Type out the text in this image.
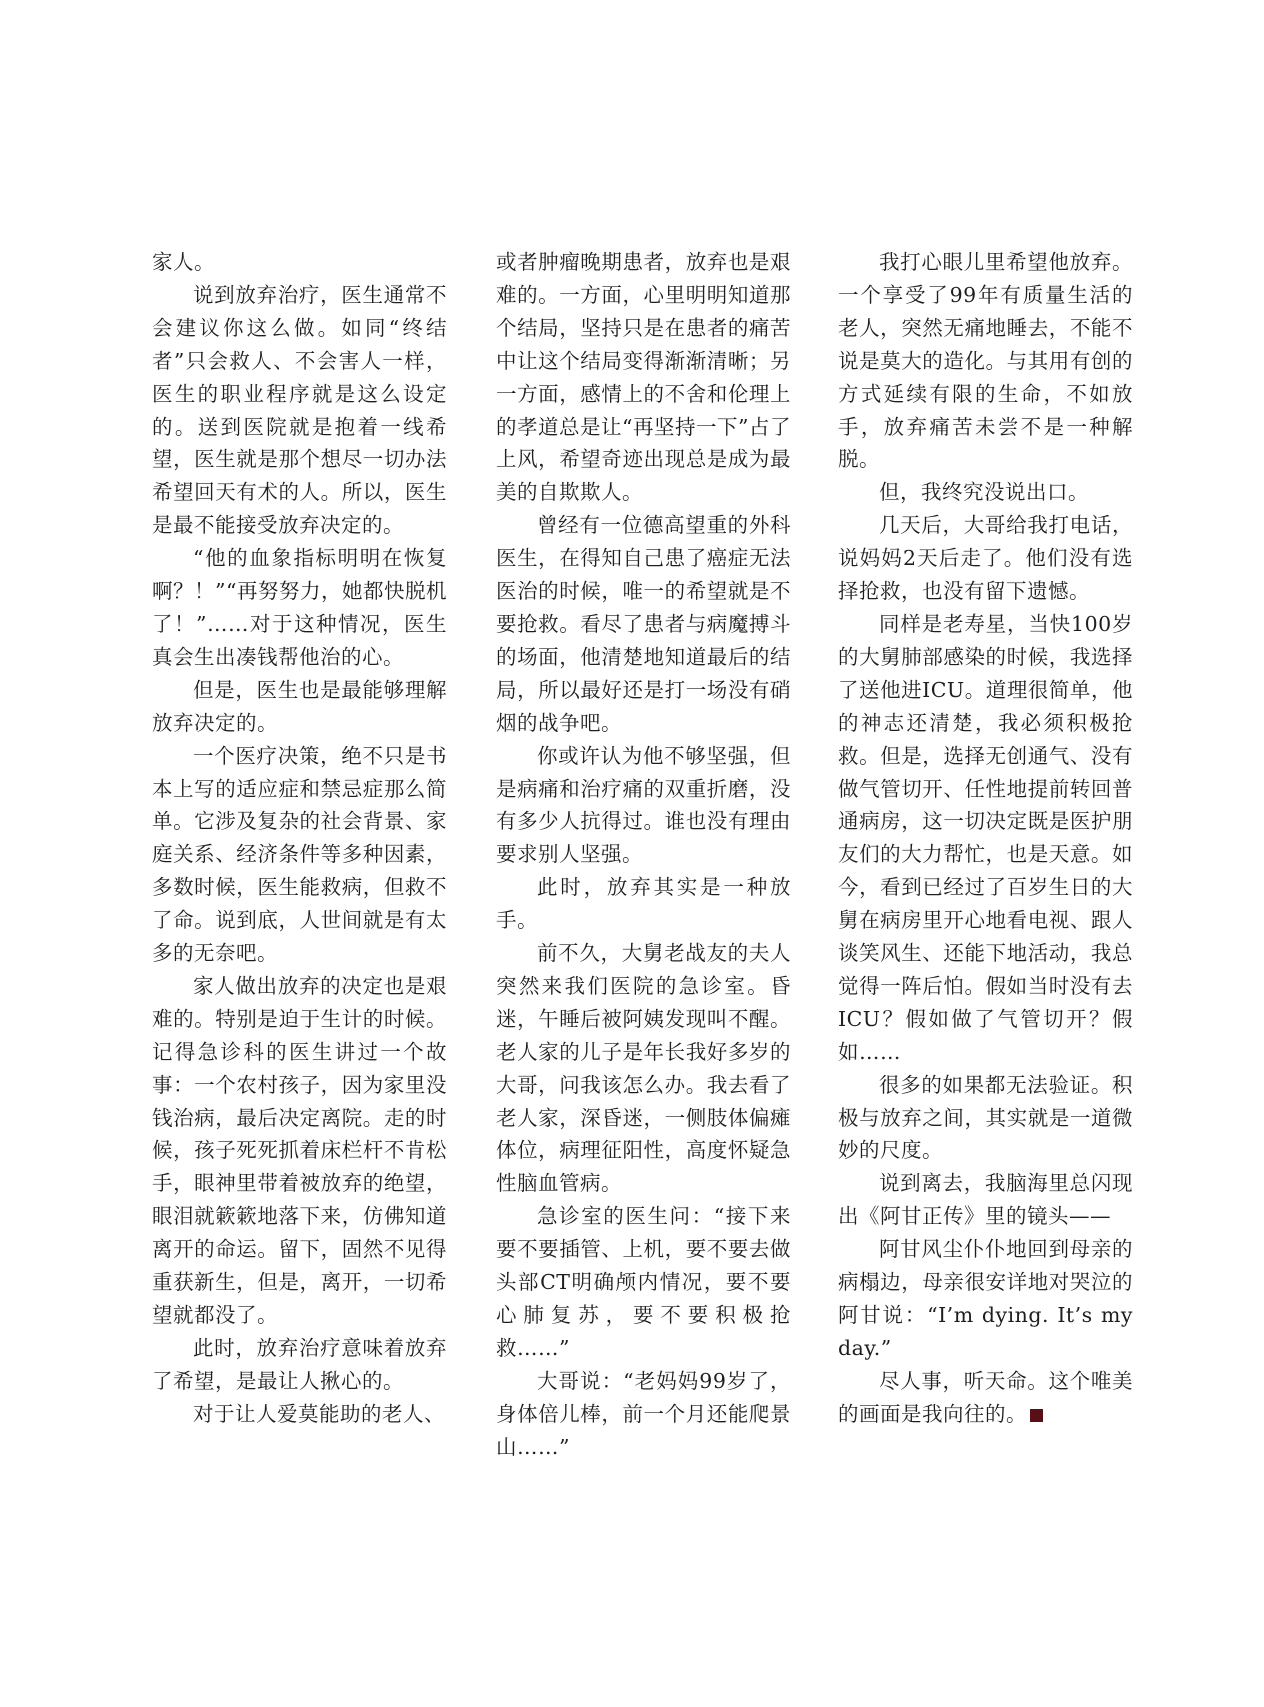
家人。

说到放弃治疗，医生通常不会建议你这么做。如同“终结者”只会救人、不会害人一样，医生的职业程序就是这么设定的。送到医院就是抱着一线希望，医生就是那个想尽一切办法希望回天有术的人。所以，医生是最不能接受放弃决定的。

“他的血象指标明明在恢复啊？！”“再努努力，她都快脱机了！”……对于这种情况，医生真会生出凑钱帮他治的心。

但是，医生也是最能够理解放弃决定的。

一个医疗决策，绝不只是书本上写的适应症和禁忌症那么简单。它涉及复杂的社会背景、家庭关系、经济条件等多种因素，多数时候，医生能救病，但救不了命。说到底，人世间就是有太多的无奈吧。

家人做出放弃的决定也是艰难的。特别是迫于生计的时候。记得急诊科的医生讲过一个故事：一个农村孩子，因为家里没钱治病，最后决定离院。走的时候，孩子死死抓着床栏杆不肯松手，眼神里带着被放弃的绝望，眼泪就簌簌地落下来，仿佛知道离开的命运。留下，固然不见得重获新生，但是，离开，一切希望就都没了。

此时，放弃治疗意味着放弃了希望，是最让人揪心的。

对于让人爱莫能助的老人、

或者肿瘤晚期患者，放弃也是艰难的。一方面，心里明明知道那个结局，坚持只是在患者的痛苦中让这个结局变得渐渐清晰；另一方面，感情上的不舍和伦理上的孝道总是让“再坚持一下”占了上风，希望奇迹出现总是成为最美的自欺欺人。

曾经有一位德高望重的外科医生，在得知自己患了癌症无法医治的时候，唯一的希望就是不要抢救。看尽了患者与病魔搏斗的场面，他清楚地知道最后的结局，所以最好还是打一场没有硝烟的战争吧。

你或许认为他不够坚强，但是病痛和治疗痛的双重折磨，没有多少人抗得过。谁也没有理由要求别人坚强。

此时，放弃其实是一种放手。

前不久，大舅老战友的夫人突然来我们医院的急诊室。昏迷，午睡后被阿姨发现叫不醒。老人家的儿子是年长我好多岁的大哥，问我该怎么办。我去看了老人家，深昏迷，一侧肢体偏瘫体位，病理征阳性，高度怀疑急性脑血管病。

急诊室的医生问：“接下来要不要插管、上机，要不要去做头部CT明确颅内情况，要不要心肺复苏，要不要积极抢救……”

大哥说：“老妈妈99岁了，身体倍儿棒，前一个月还能爬景山……”

我打心眼儿里希望他放弃。一个享受了99年有质量生活的老人，突然无痛地睡去，不能不说是莫大的造化。与其用有创的方式延续有限的生命，不如放手，放弃痛苦未尝不是一种解脱。

但，我终究没说出口。

几天后，大哥给我打电话，说妈妈2天后走了。他们没有选择抢救，也没有留下遗憾。

同样是老寿星，当快100岁的大舅肺部感染的时候，我选择了送他进ICU。道理很简单，他的神志还清楚，我必须积极抢救。但是，选择无创通气、没有做气管切开、任性地提前转回普通病房，这一切决定既是医护朋友们的大力帮忙，也是天意。如今，看到已经过了百岁生日的大舅在病房里开心地看电视、跟人谈笑风生、还能下地活动，我总觉得一阵后怕。假如当时没有去ICU？假如做了气管切开？假如……

很多的如果都无法验证。积极与放弃之间，其实就是一道微妙的尺度。

说到离去，我脑海里总闪现出《阿甘正传》里的镜头——

阿甘风尘仆仆地回到母亲的病榻边，母亲很安详地对哭泣的阿甘说：“I’m dying. It’s my day.”

尽人事，听天命。这个唯美的画面是我向往的。
